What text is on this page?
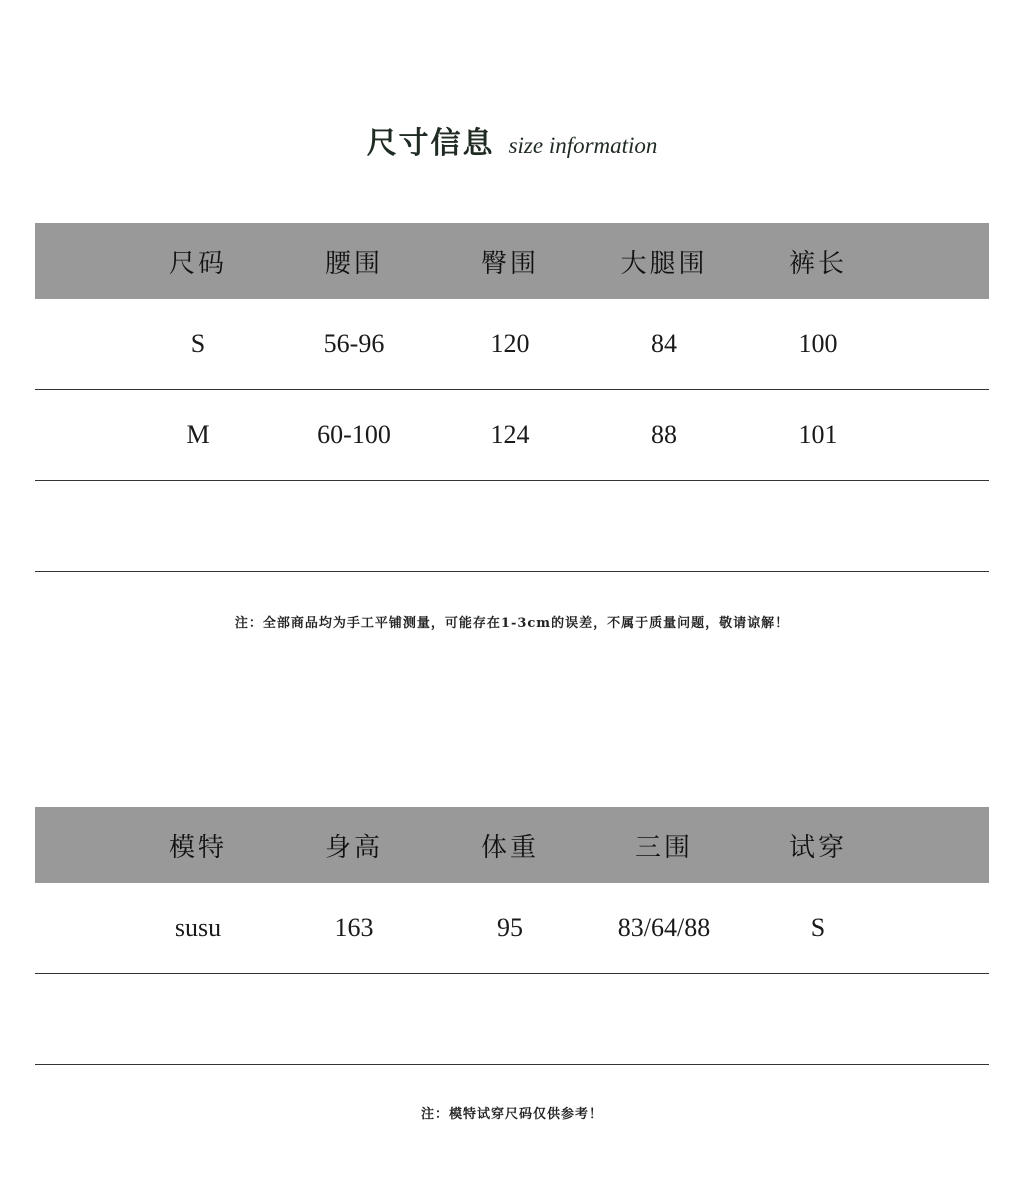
尺寸信息 size information
尺码	腰围	臀围	大腿围	裤长
S	56-96	120	84	100
M	60-100	124	88	101
注：全部商品均为手工平铺测量，可能存在1-3cm的误差，不属于质量问题，敬请谅解！
模特	身高	体重	三围	试穿
susu	163	95	83/64/88	S
注：模特试穿尺码仅供参考！
